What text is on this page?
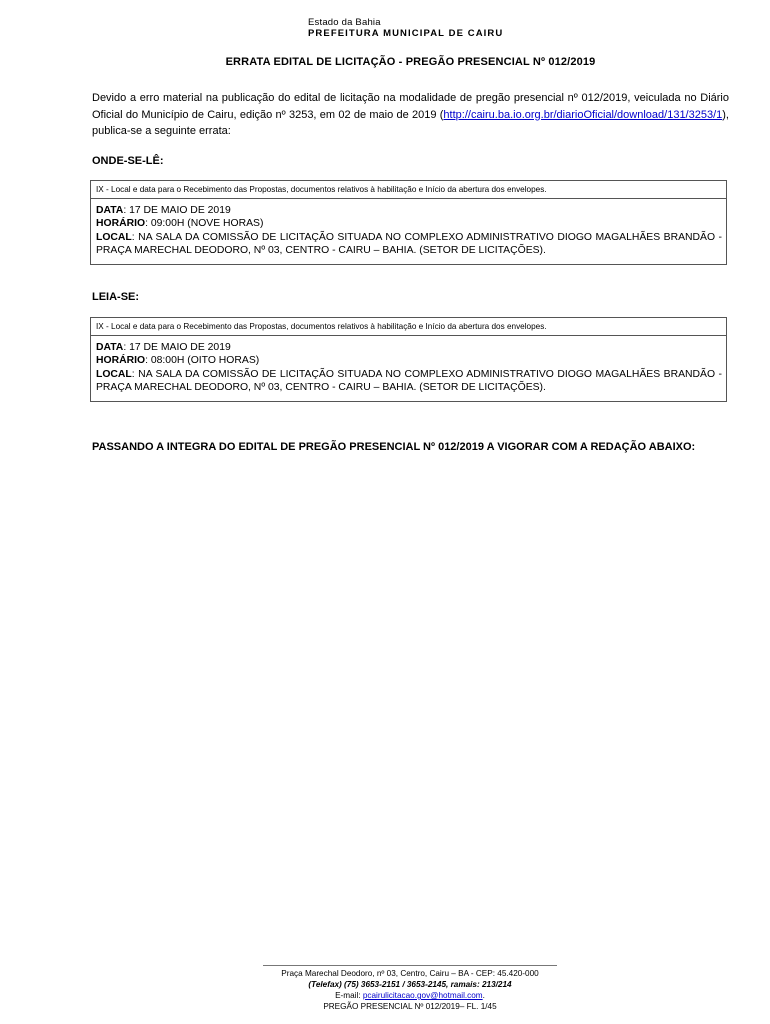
Estado da Bahia
PREFEITURA MUNICIPAL DE CAIRU
ERRATA EDITAL DE LICITAÇÃO - PREGÃO PRESENCIAL Nº 012/2019
Devido a erro material na publicação do edital de licitação na modalidade de pregão presencial nº 012/2019, veiculada no Diário Oficial do Município de Cairu, edição nº 3253, em 02 de maio de 2019 (http://cairu.ba.io.org.br/diarioOficial/download/131/3253/1), publica-se a seguinte errata:
ONDE-SE-LÊ:
IX - Local e data para o Recebimento das Propostas, documentos relativos à habilitação e Início da abertura dos envelopes.
DATA: 17 DE MAIO DE 2019
HORÁRIO: 09:00H (NOVE HORAS)
LOCAL: NA SALA DA COMISSÃO DE LICITAÇÃO SITUADA NO COMPLEXO ADMINISTRATIVO DIOGO MAGALHÃES BRANDÃO - PRAÇA MARECHAL DEODORO, Nº 03, CENTRO - CAIRU – BAHIA. (SETOR DE LICITAÇÕES).
LEIA-SE:
IX - Local e data para o Recebimento das Propostas, documentos relativos à habilitação e Início da abertura dos envelopes.
DATA: 17 DE MAIO DE 2019
HORÁRIO: 08:00H (OITO HORAS)
LOCAL: NA SALA DA COMISSÃO DE LICITAÇÃO SITUADA NO COMPLEXO ADMINISTRATIVO DIOGO MAGALHÃES BRANDÃO - PRAÇA MARECHAL DEODORO, Nº 03, CENTRO - CAIRU – BAHIA. (SETOR DE LICITAÇÕES).
PASSANDO A INTEGRA DO EDITAL DE PREGÃO PRESENCIAL Nº 012/2019 A VIGORAR COM A REDAÇÃO ABAIXO:
Praça Marechal Deodoro, nº 03, Centro, Cairu – BA - CEP: 45.420-000
(Telefax) (75) 3653-2151 / 3653-2145, ramais: 213/214
E-mail: pcairulicitacao.gov@hotmail.com.
PREGÃO PRESENCIAL Nº 012/2019– FL. 1/45
